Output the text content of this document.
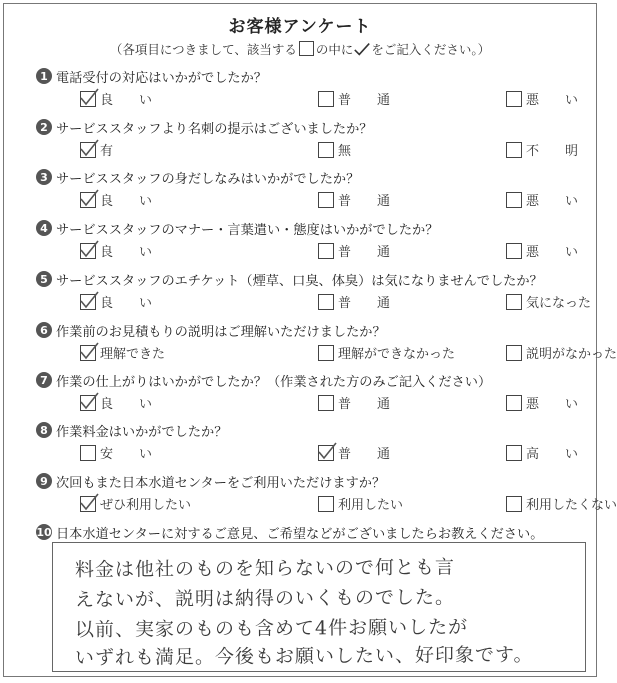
お客様アンケート
（各項目につきまして、該当する の中に をご記入ください。）
1 電話受付の対応はいかがでしたか？
良　　い	普　　通	悪　　い
2 サービススタッフより名刺の提示はございましたか？
有	無	不　　明
3 サービススタッフの身だしなみはいかがでしたか？
良　　い	普　　通	悪　　い
4 サービススタッフのマナー・言葉遣い・態度はいかがでしたか？
良　　い	普　　通	悪　　い
5 サービススタッフのエチケット（煙草、口臭、体臭）は気になりませんでしたか？
良　　い	普　　通	気になった
6 作業前のお見積もりの説明はご理解いただけましたか？
理解できた	理解ができなかった	説明がなかった
7 作業の仕上がりはいかがでしたか？（作業された方のみご記入ください）
良　　い	普　　通	悪　　い
8 作業料金はいかがでしたか？
安　　い	普　　通	高　　い
9 次回もまた日本水道センターをご利用いただけますか？
ぜひ利用したい	利用したい	利用したくない
10 日本水道センターに対するご意見、ご希望などがございましたらお教えください。
料金は他社のものを知らないので何とも言
えないが、説明は納得のいくものでした。
以前、実家のものも含めて4件お願いしたが
いずれも満足。今後もお願いしたい、好印象です。
